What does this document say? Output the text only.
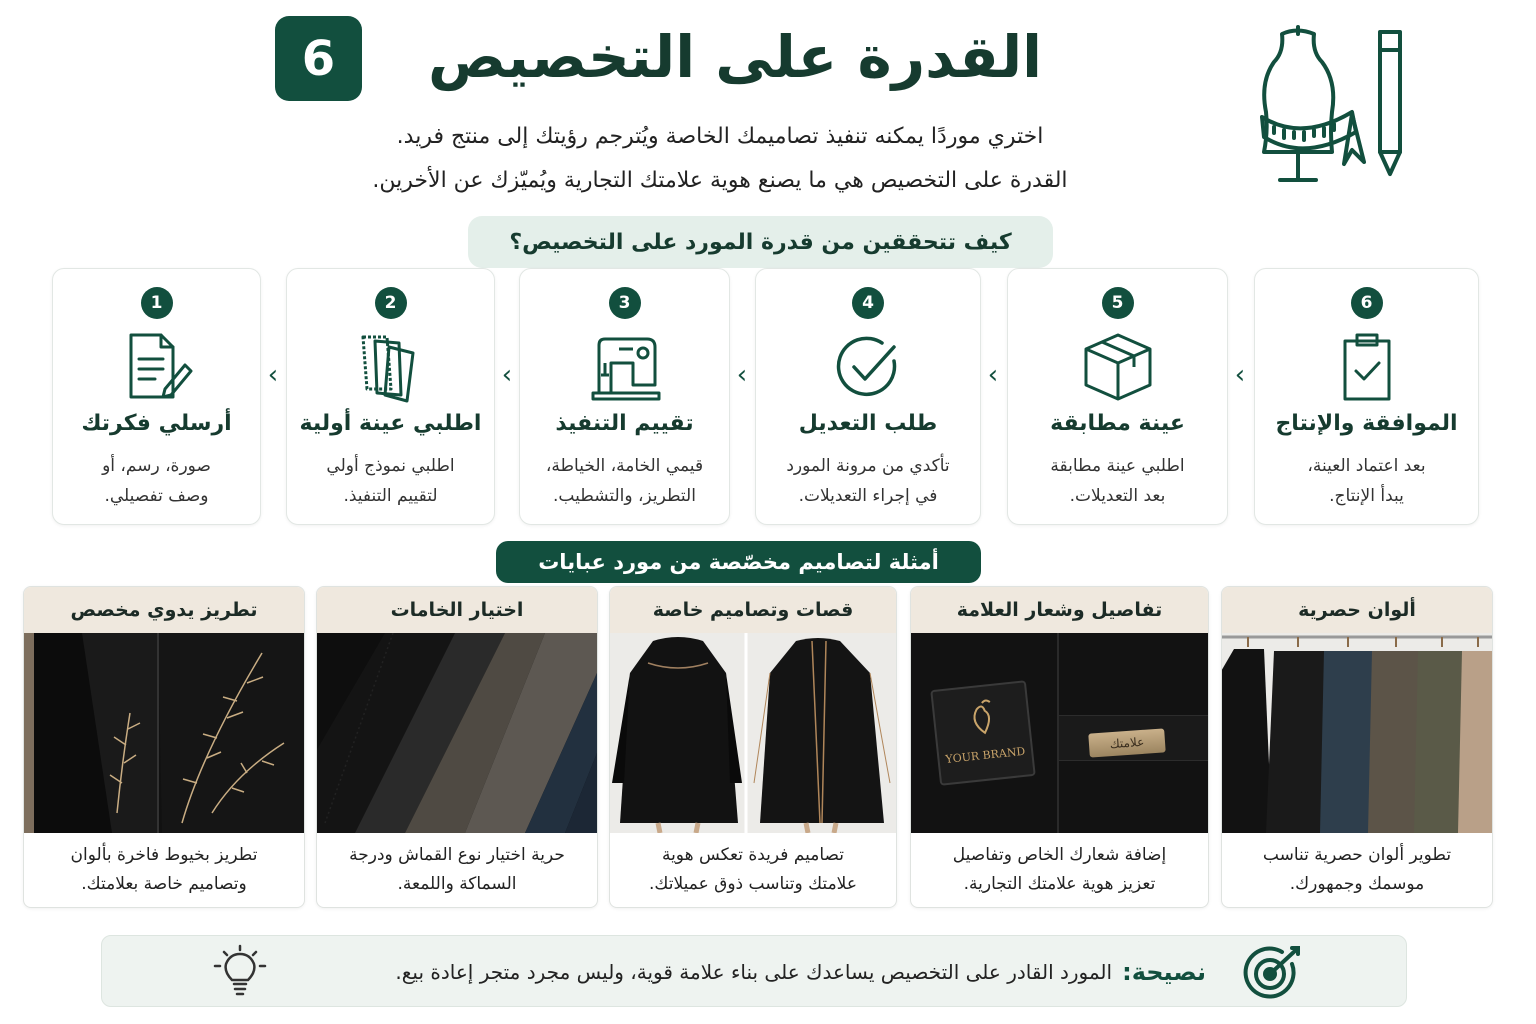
6	القدرة على التخصيص
اختري موردًا يمكنه تنفيذ تصاميمك الخاصة ويُترجم رؤيتك إلى منتج فريد.
القدرة على التخصيص هي ما يصنع هوية علامتك التجارية ويُميّزك عن الأخرين.
كيف تتحققين من قدرة المورد على التخصيص؟
1
أرسلي فكرتك
صورة، رسم، أو
وصف تفصيلي.
›
2
اطلبي عينة أولية
اطلبي نموذج أولي
لتقييم التنفيذ.
›
3
تقييم التنفيذ
قيمي الخامة، الخياطة،
التطريز، والتشطيب.
›
4
طلب التعديل
تأكدي من مرونة المورد
في إجراء التعديلات.
›
5
عينة مطابقة
اطلبي عينة مطابقة
بعد التعديلات.
›
6
الموافقة والإنتاج
بعد اعتماد العينة،
يبدأ الإنتاج.
أمثلة لتصاميم مخصّصة من مورد عبايات
تطريز يدوي مخصص
تطريز بخيوط فاخرة بألوان
وتصاميم خاصة بعلامتك.
اختيار الخامات
حرية اختيار نوع القماش ودرجة
السماكة واللمعة.
قصات وتصاميم خاصة
تصاميم فريدة تعكس هوية
علامتك وتناسب ذوق عميلاتك.
تفاصيل وشعار العلامة
YOUR BRAND
علامتك
إضافة شعارك الخاص وتفاصيل
تعزيز هوية علامتك التجارية.
ألوان حصرية
تطوير ألوان حصرية تناسب
موسمك وجمهورك.
نصيحة:
المورد القادر على التخصيص يساعدك على بناء علامة قوية، وليس مجرد متجر إعادة بيع.
